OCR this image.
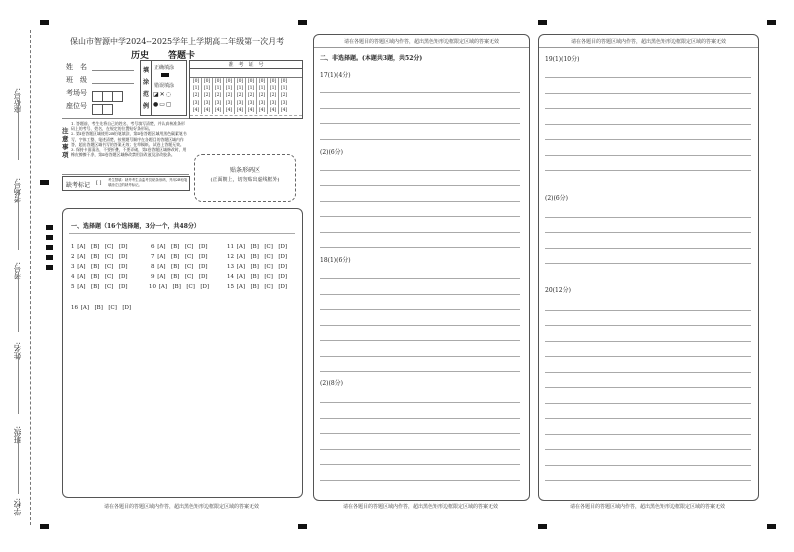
座位号:
考场号:
考号:
姓名:
班级:
学校:
保山市智源中学2024--2025学年上学期高二年级第一次月考
历史 答题卡
姓　名
班　级
考场号
座位号
填
涂
范
例
正确填涂
错误填涂
◪✕◌
●▭▢
准　考　证　号
[0]	[0]	[0]	[0]	[0]	[0]	[0]	[0]	[0]
[1]	[1]	[1]	[1]	[1]	[1]	[1]	[1]	[1]
[2]	[2]	[2]	[2]	[2]	[2]	[2]	[2]	[2]
[3]	[3]	[3]	[3]	[3]	[3]	[3]	[3]	[3]
[4]	[4]	[4]	[4]	[4]	[4]	[4]	[4]	[4]
注
意
事
项
1. 答题前，考生先将自己的姓名、考号填写清楚，并认真核准条形码上的考号、姓名，在规定的位置贴好条形码。
2. 第Ⅰ卷答题区域使用2B铅笔填涂，第Ⅱ卷答题区域用黑色碳素笔书写，字体工整、笔迹清楚，按照题号顺序在各题目的答题区域内作答，超出答题区域书写的答案无效；在草稿纸、试卷上答题无效。
3. 保持卡面清洁，不要折叠，不要弄破，第Ⅰ卷答题区域修改时，用橡皮擦擦干净，第Ⅱ卷答题区域修改禁用涂改液及涂改胶条。
缺考标记 [ ] 考生禁填：缺考考生由监考员贴条形码，并用2B铅笔填涂左边的缺考标记。
贴条形码区
(正面朝上，切勿贴出虚线框外)
一、选择题（16个选择题，3分一个，共48分）
1 [A]　[B]　[C]　[D]
2 [A]　[B]　[C]　[D]
3 [A]　[B]　[C]　[D]
4 [A]　[B]　[C]　[D]
5 [A]　[B]　[C]　[D]
6 [A]　[B]　[C]　[D]
7 [A]　[B]　[C]　[D]
8 [A]　[B]　[C]　[D]
9 [A]　[B]　[C]　[D]
10 [A]　[B]　[C]　[D]
11 [A]　[B]　[C]　[D]
12 [A]　[B]　[C]　[D]
13 [A]　[B]　[C]　[D]
14 [A]　[B]　[C]　[D]
15 [A]　[B]　[C]　[D]
16 [A]　[B]　[C]　[D]
请在各题目的答题区域内作答，超出黑色矩形边框限定区域的答案无效
请在各题目的答题区域内作答，超出黑色矩形边框限定区域的答案无效
二、非选择题。(本题共3题，共52分)
17(1)(4分)
(2)(6分)
18(1)(6分)
(2)(8分)
请在各题目的答题区域内作答，超出黑色矩形边框限定区域的答案无效
请在各题目的答题区域内作答，超出黑色矩形边框限定区域的答案无效
19(1)(10分)
(2)(6分)
20(12分)
请在各题目的答题区域内作答，超出黑色矩形边框限定区域的答案无效
